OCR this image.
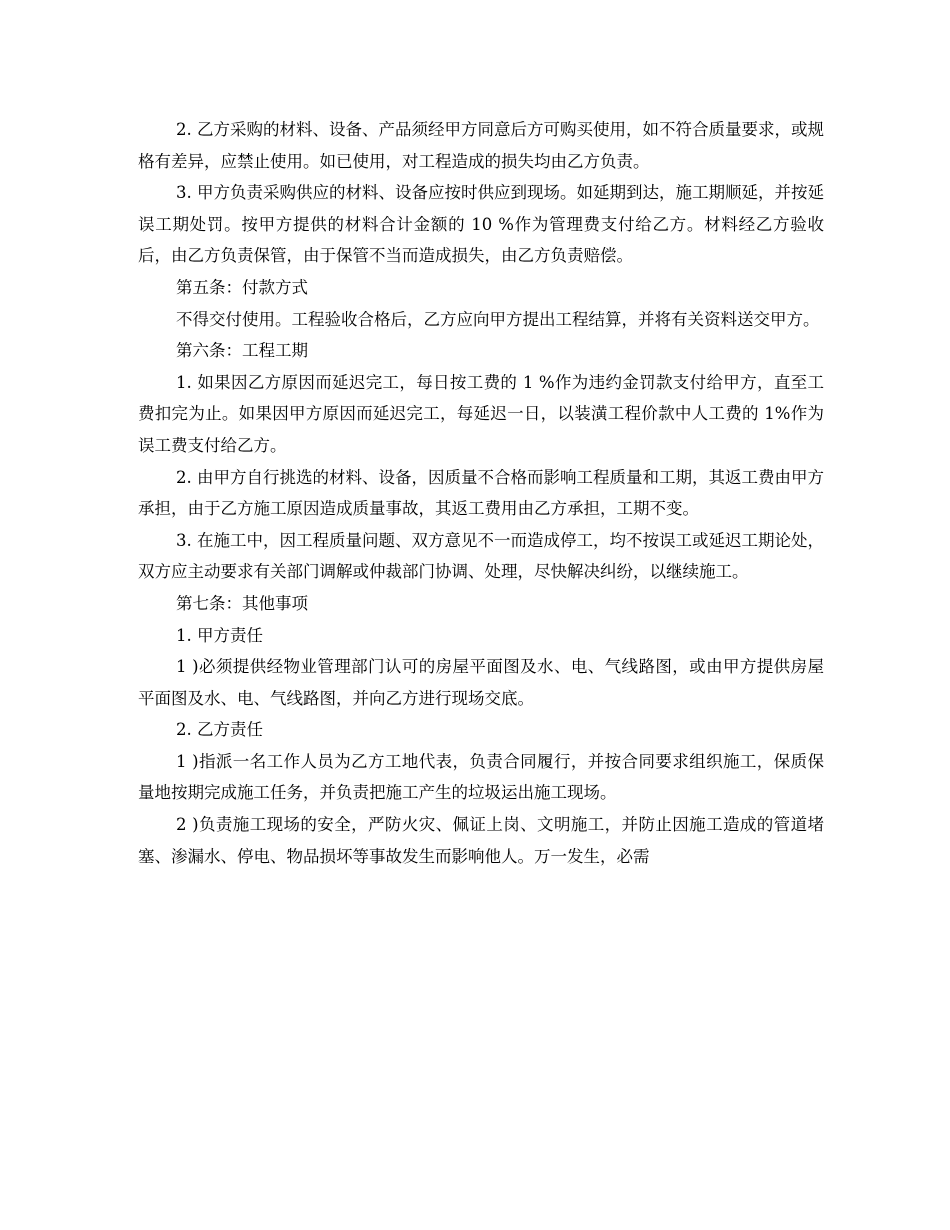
2. 乙方采购的材料、设备、产品须经甲方同意后方可购买使用，如不符合质量要求，或规格有差异，应禁止使用。如已使用，对工程造成的损失均由乙方负责。

3. 甲方负责采购供应的材料、设备应按时供应到现场。如延期到达，施工期顺延，并按延误工期处罚。按甲方提供的材料合计金额的 10 %作为管理费支付给乙方。材料经乙方验收后，由乙方负责保管，由于保管不当而造成损失，由乙方负责赔偿。

第五条：付款方式

不得交付使用。工程验收合格后，乙方应向甲方提出工程结算，并将有关资料送交甲方。

第六条：工程工期

1. 如果因乙方原因而延迟完工，每日按工费的 1 %作为违约金罚款支付给甲方，直至工费扣完为止。如果因甲方原因而延迟完工，每延迟一日，以装潢工程价款中人工费的 1%作为误工费支付给乙方。

2. 由甲方自行挑选的材料、设备，因质量不合格而影响工程质量和工期，其返工费由甲方承担，由于乙方施工原因造成质量事故，其返工费用由乙方承担，工期不变。

3. 在施工中，因工程质量问题、双方意见不一而造成停工，均不按误工或延迟工期论处，双方应主动要求有关部门调解或仲裁部门协调、处理，尽快解决纠纷，以继续施工。

第七条：其他事项

1. 甲方责任

1 )必须提供经物业管理部门认可的房屋平面图及水、电、气线路图，或由甲方提供房屋平面图及水、电、气线路图，并向乙方进行现场交底。

2. 乙方责任

1 )指派一名工作人员为乙方工地代表，负责合同履行，并按合同要求组织施工，保质保量地按期完成施工任务，并负责把施工产生的垃圾运出施工现场。

2 )负责施工现场的安全，严防火灾、佩证上岗、文明施工，并防止因施工造成的管道堵塞、渗漏水、停电、物品损坏等事故发生而影响他人。万一发生，必需
